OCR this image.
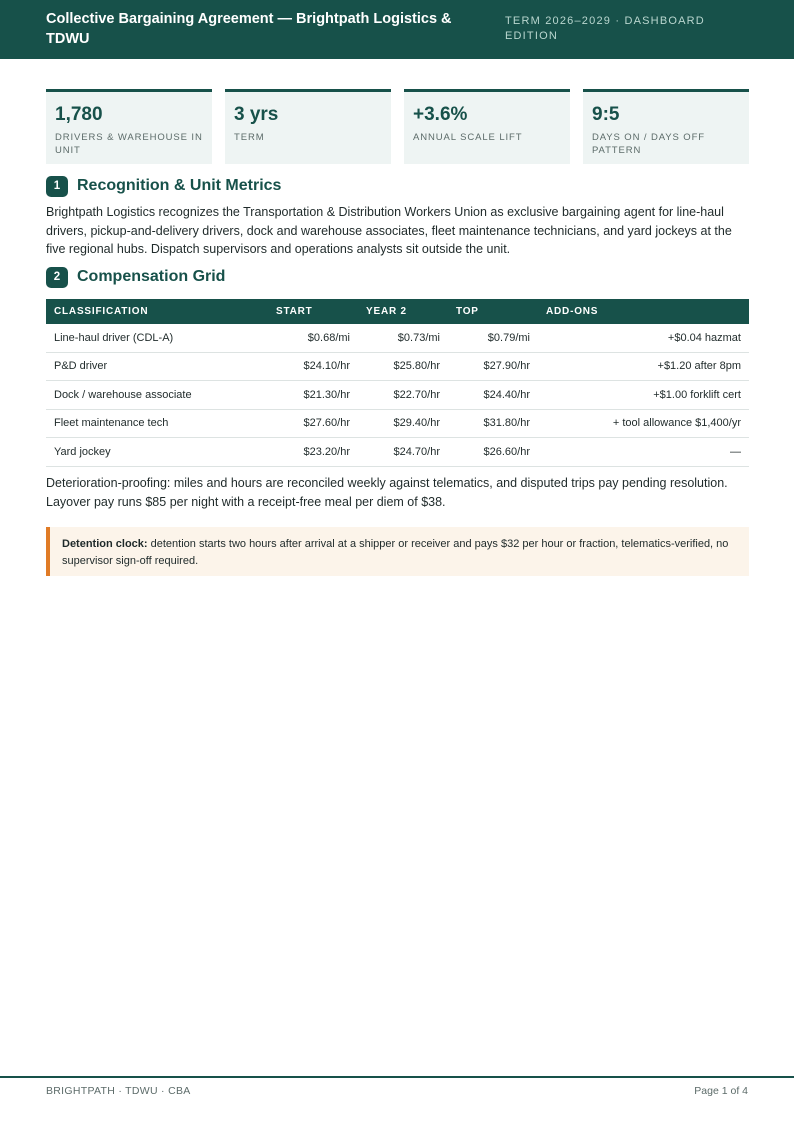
Collective Bargaining Agreement — Brightpath Logistics & TDWU
TERM 2026–2029 · DASHBOARD EDITION
1,780
DRIVERS & WAREHOUSE IN UNIT
3 yrs
TERM
+3.6%
ANNUAL SCALE LIFT
9:5
DAYS ON / DAYS OFF PATTERN
1	Recognition & Unit Metrics
Brightpath Logistics recognizes the Transportation & Distribution Workers Union as exclusive bargaining agent for line-haul drivers, pickup-and-delivery drivers, dock and warehouse associates, fleet maintenance technicians, and yard jockeys at the five regional hubs. Dispatch supervisors and operations analysts sit outside the unit.
2	Compensation Grid
CLASSIFICATION	START	YEAR 2	TOP	ADD-ONS
Line-haul driver (CDL-A)	$0.68/mi	$0.73/mi	$0.79/mi	+$0.04 hazmat
P&D driver	$24.10/hr	$25.80/hr	$27.90/hr	+$1.20 after 8pm
Dock / warehouse associate	$21.30/hr	$22.70/hr	$24.40/hr	+$1.00 forklift cert
Fleet maintenance tech	$27.60/hr	$29.40/hr	$31.80/hr	+ tool allowance $1,400/yr
Yard jockey	$23.20/hr	$24.70/hr	$26.60/hr	—
Deterioration-proofing: miles and hours are reconciled weekly against telematics, and disputed trips pay pending resolution. Layover pay runs $85 per night with a receipt-free meal per diem of $38.
Detention clock: detention starts two hours after arrival at a shipper or receiver and pays $32 per hour or fraction, telematics-verified, no supervisor sign-off required.
BRIGHTPATH · TDWU · CBA	Page 1 of 4
